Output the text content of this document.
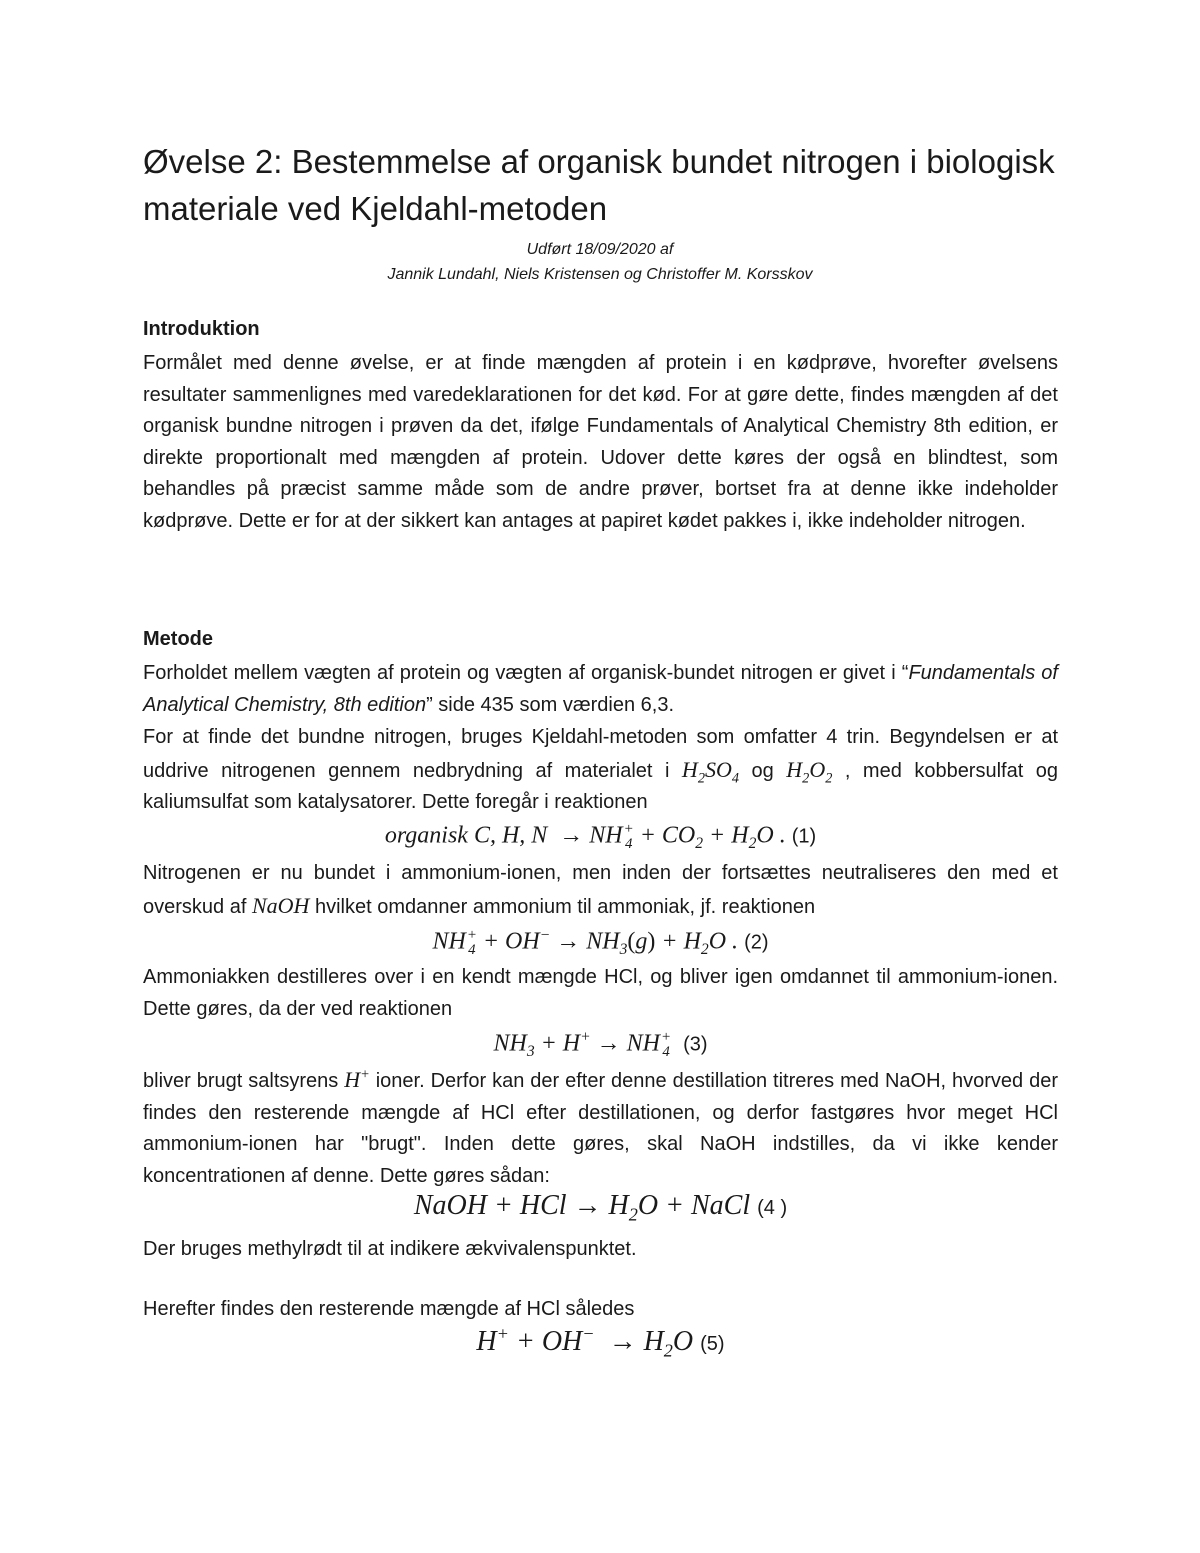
Øvelse 2: Bestemmelse af organisk bundet nitrogen i biologisk materiale ved Kjeldahl-metoden
Udført 18/09/2020 af
Jannik Lundahl, Niels Kristensen og Christoffer M. Korsskov
Introduktion

Formålet med denne øvelse, er at finde mængden af protein i en kødprøve, hvorefter øvelsens resultater sammenlignes med varedeklarationen for det kød. For at gøre dette, findes mængden af det organisk bundne nitrogen i prøven da det, ifølge Fundamentals of Analytical Chemistry 8th edition, er direkte proportionalt med mængden af protein. Udover dette køres der også en blindtest, som behandles på præcist samme måde som de andre prøver, bortset fra at denne ikke indeholder kødprøve. Dette er for at der sikkert kan antages at papiret kødet pakkes i, ikke indeholder nitrogen.

Metode

Forholdet mellem vægten af protein og vægten af organisk-bundet nitrogen er givet i “Fundamentals of Analytical Chemistry, 8th edition” side 435 som værdien 6,3.

For at finde det bundne nitrogen, bruges Kjeldahl-metoden som omfatter 4 trin. Begyndelsen er at uddrive nitrogenen gennem nedbrydning af materialet i $H_2SO_4$ og $H_2O_2$ , med kobbersulfat og kaliumsulfat som katalysatorer. Dette foregår i reaktionen

organisk C, H, N  → NH +
$4 + CO_2 + H_2O$ . (1)

Nitrogenen er nu bundet i ammonium-ionen, men inden der fortsættes neutraliseres den med et overskud af NaOH hvilket omdanner ammonium til ammoniak, jf. reaktionen

NH +
$4 + OH^- \to NH_3(g) + H_2O$ . (2)

Ammoniakken destilleres over i en kendt mængde HCl, og bliver igen omdannet til ammonium-ionen. Dette gøres, da der ved reaktionen

$NH_3 + H^+$ → NH +
4 (3)

bliver brugt saltsyrens H+ ioner. Derfor kan der efter denne destillation titreres med NaOH, hvorved der findes den resterende mængde af HCl efter destillationen, og derfor fastgøres hvor meget HCl ammonium-ionen har "brugt". Inden dette gøres, skal NaOH indstilles, da vi ikke kender koncentrationen af denne. Dette gøres sådan:

NaOH + HCl → $H_2O$ + NaCl (4 )

Der bruges methylrødt til at indikere ækvivalenspunktet.

Herefter findes den resterende mængde af HCl således

$H^+ + OH^- \to H_2O$ (5)
